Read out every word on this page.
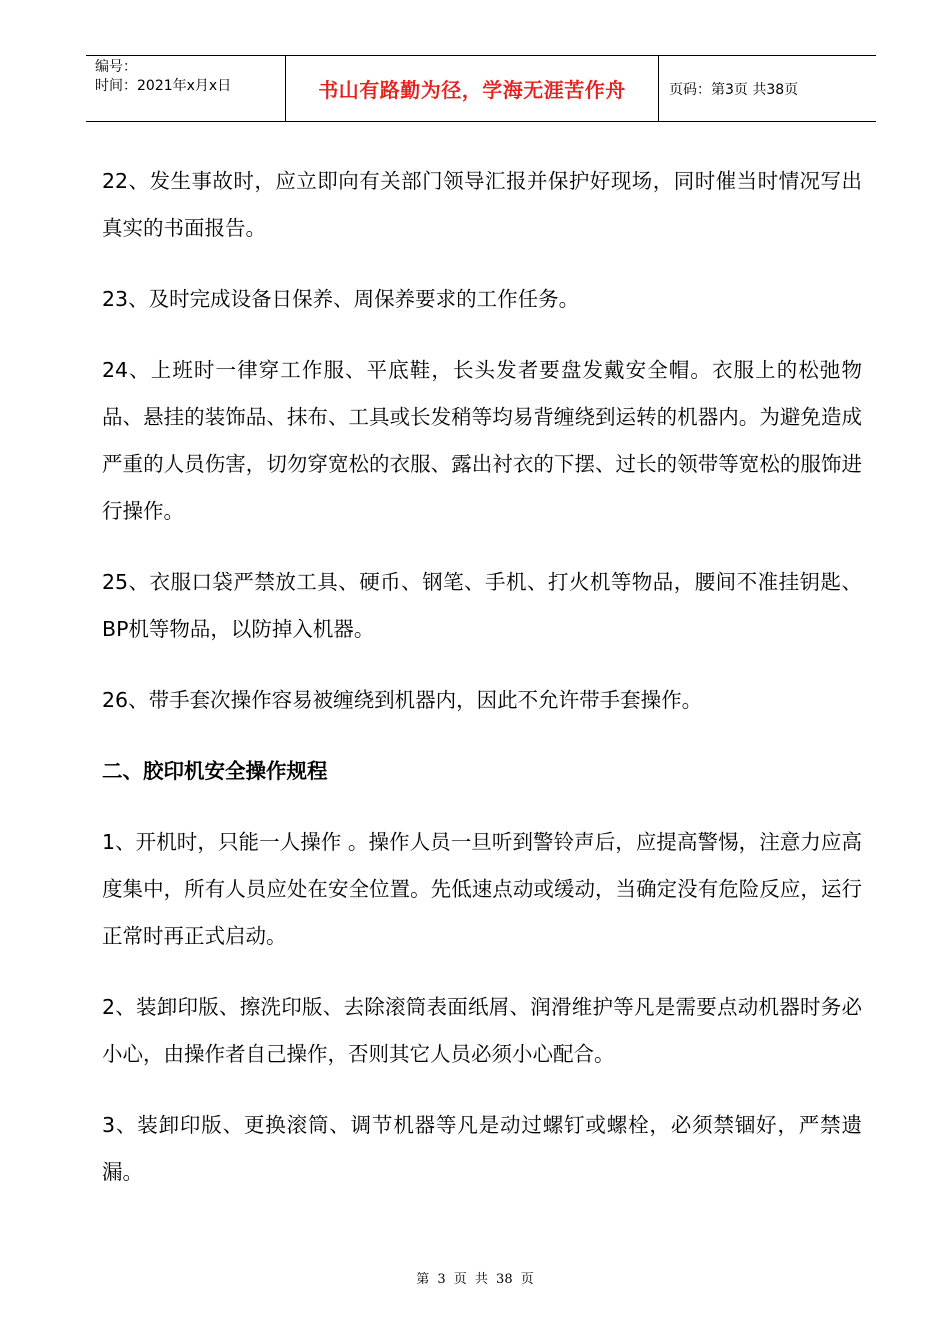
编号：
时间：2021年x月x日	书山有路勤为径，学海无涯苦作舟	页码：第3页 共38页

22、发生事故时，应立即向有关部门领导汇报并保护好现场，同时催当时情况写出真实的书面报告。

23、及时完成设备日保养、周保养要求的工作任务。

24、上班时一律穿工作服、平底鞋，长头发者要盘发戴安全帽。衣服上的松弛物品、悬挂的装饰品、抹布、工具或长发稍等均易背缠绕到运转的机器内。为避免造成严重的人员伤害，切勿穿宽松的衣服、露出衬衣的下摆、过长的领带等宽松的服饰进行操作。

25、衣服口袋严禁放工具、硬币、钢笔、手机、打火机等物品，腰间不准挂钥匙、BP机等物品，以防掉入机器。

26、带手套次操作容易被缠绕到机器内，因此不允许带手套操作。

二、胶印机安全操作规程

1、开机时，只能一人操作 。操作人员一旦听到警铃声后，应提高警惕，注意力应高度集中，所有人员应处在安全位置。先低速点动或缓动，当确定没有危险反应，运行正常时再正式启动。

2、装卸印版、擦洗印版、去除滚筒表面纸屑、润滑维护等凡是需要点动机器时务必小心，由操作者自己操作，否则其它人员必须小心配合。

3、装卸印版、更换滚筒、调节机器等凡是动过螺钉或螺栓，必须禁锢好，严禁遗漏。

第 3 页 共 38 页
